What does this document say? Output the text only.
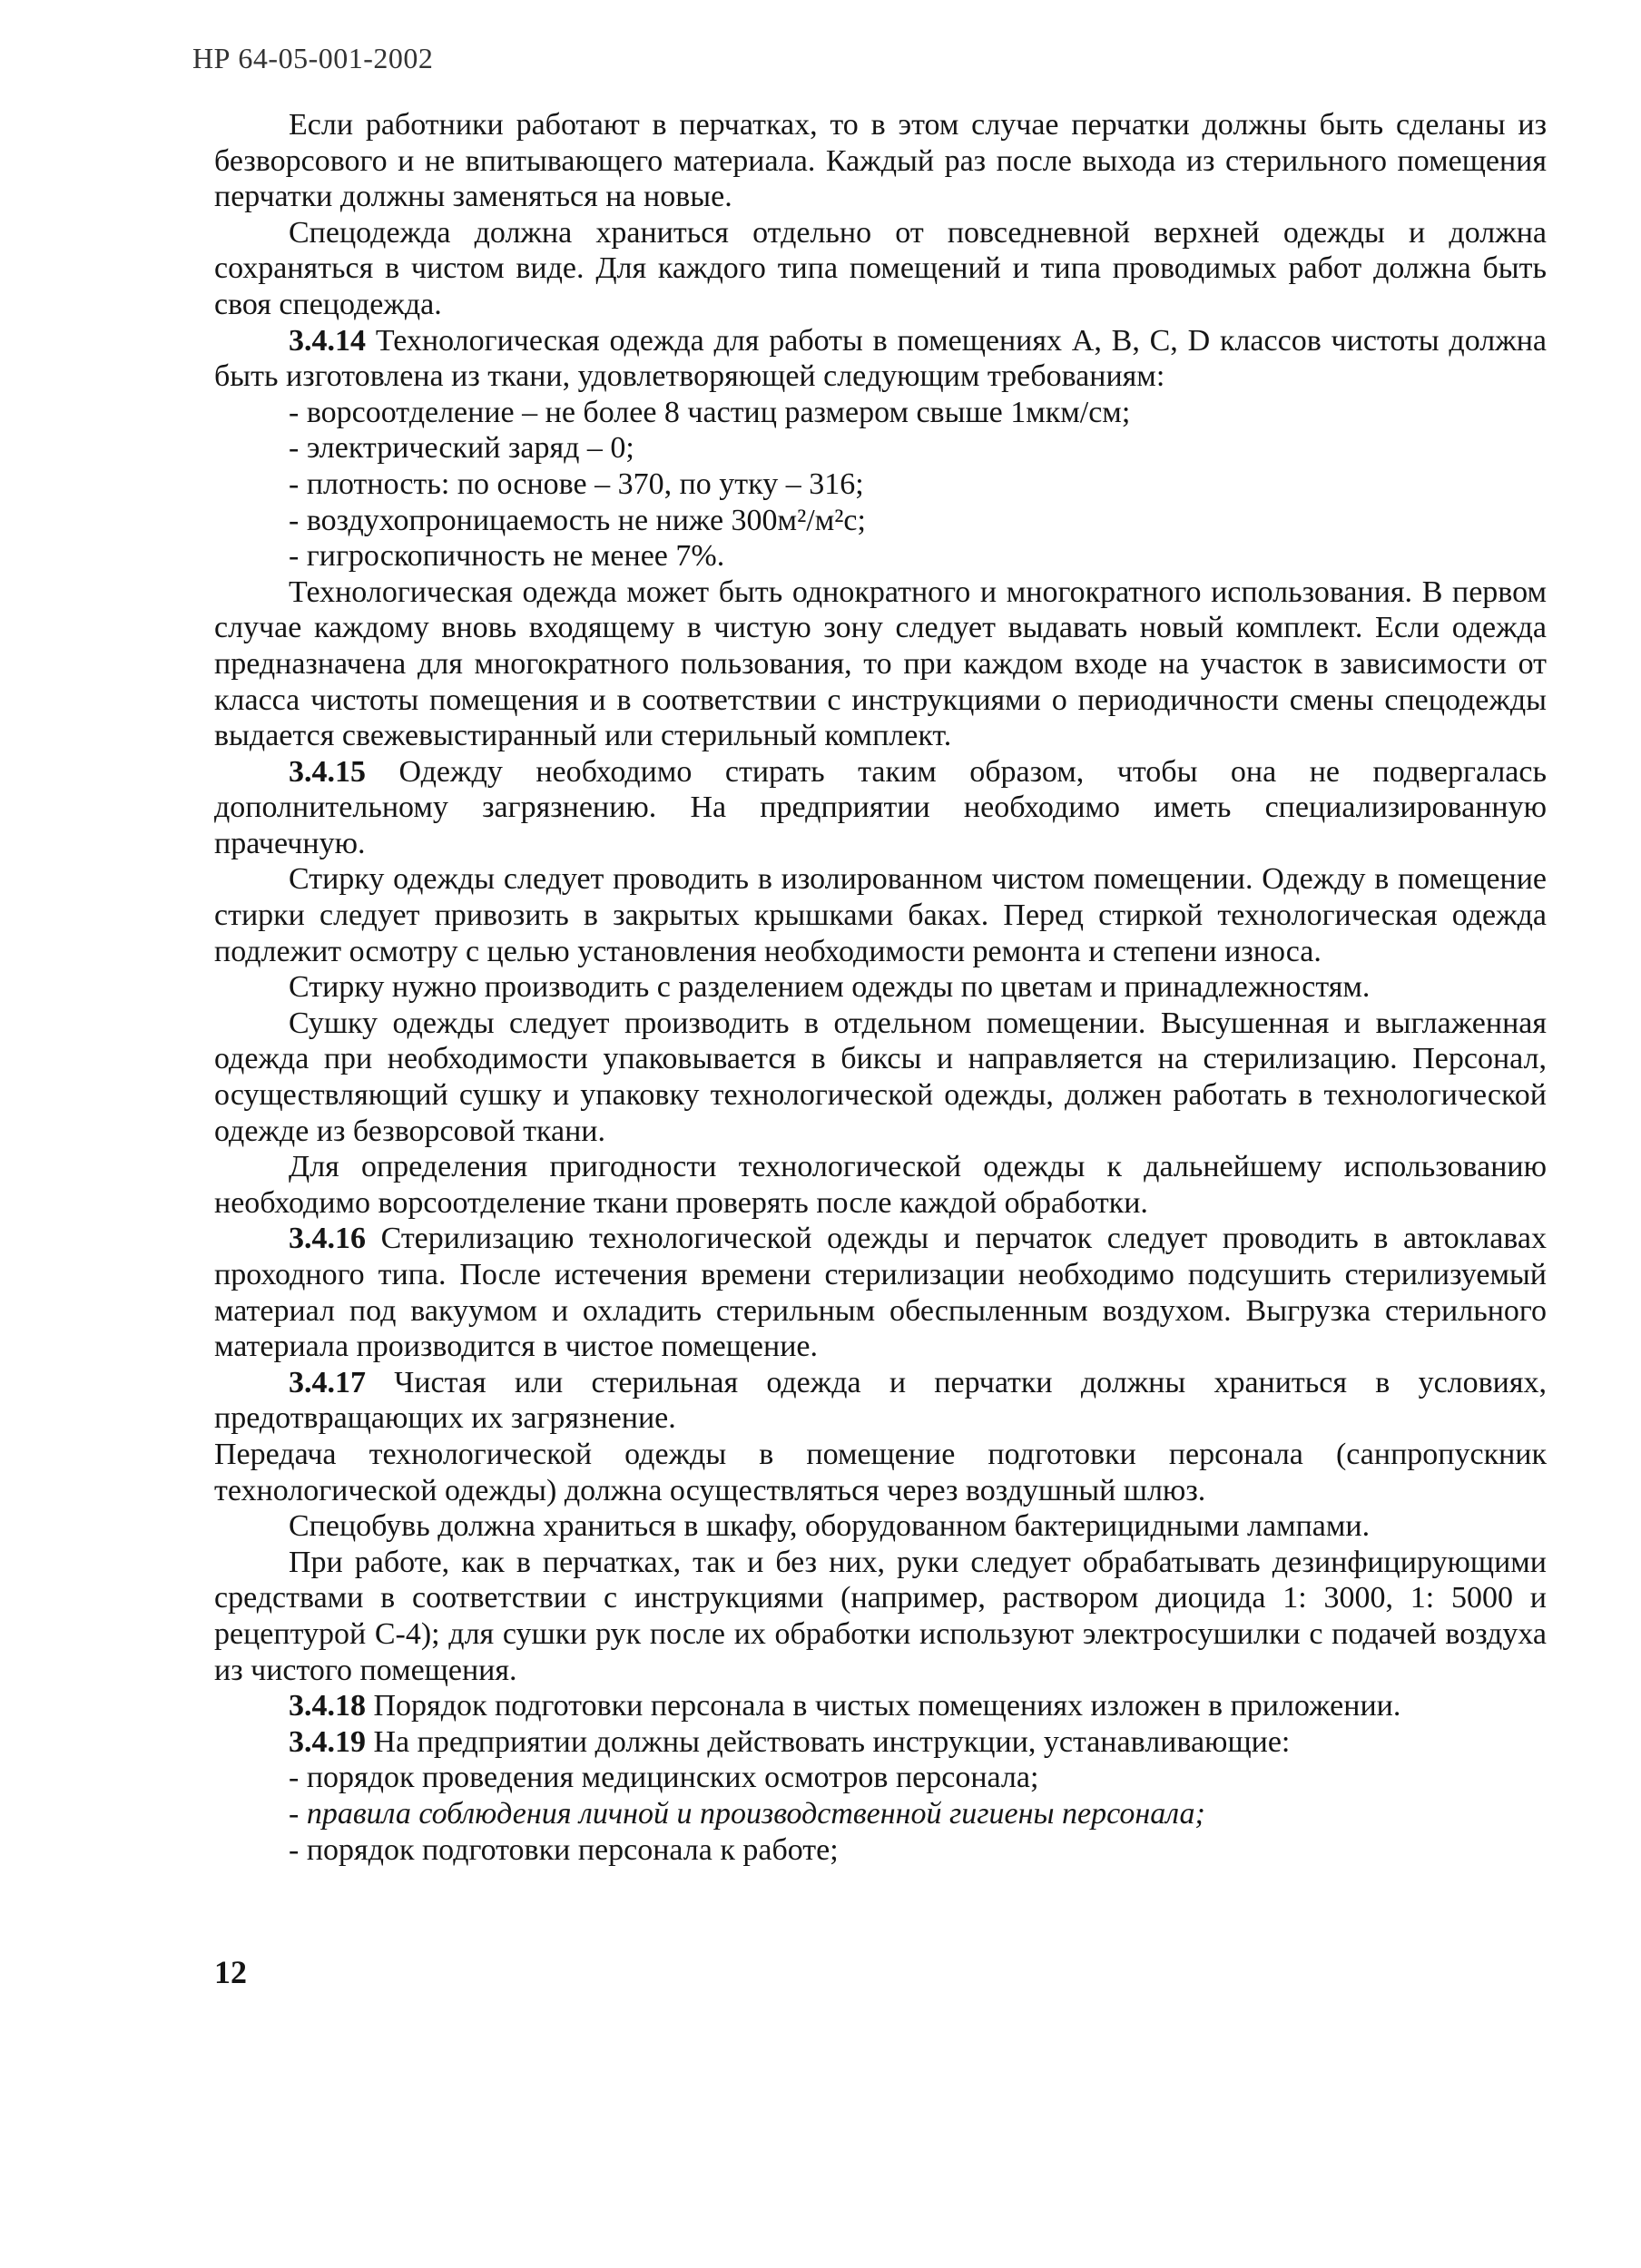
НР 64-05-001-2002

Если работники работают в перчатках, то в этом случае перчатки должны быть сделаны из безворсового и не впитывающего материала. Каждый раз после выхода из стерильного помещения перчатки должны заменяться на новые.

Спецодежда должна храниться отдельно от повседневной верхней одежды и должна сохраняться в чистом виде. Для каждого типа помещений и типа проводимых работ должна быть своя спецодежда.

3.4.14 Технологическая одежда для работы в помещениях A, B, C, D классов чистоты должна быть изготовлена из ткани, удовлетворяющей следующим требованиям:

- ворсоотделение – не более 8 частиц размером свыше 1мкм/см;

- электрический заряд – 0;

- плотность: по основе – 370, по утку – 316;

- воздухопроницаемость не ниже 300м²/м²с;

- гигроскопичность не менее 7%.

Технологическая одежда может быть однократного и многократного использования. В первом случае каждому вновь входящему в чистую зону следует выдавать новый комплект. Если одежда предназначена для многократного пользования, то при каждом входе на участок в зависимости от класса чистоты помещения и в соответствии с инструкциями о периодичности смены спецодежды выдается свежевыстиранный или стерильный комплект.

3.4.15 Одежду необходимо стирать таким образом, чтобы она не подвергалась дополнительному загрязнению. На предприятии необходимо иметь специализированную прачечную.

Стирку одежды следует проводить в изолированном чистом помещении. Одежду в помещение стирки следует привозить в закрытых крышками баках. Перед стиркой технологическая одежда подлежит осмотру с целью установления необходимости ремонта и степени износа.

Стирку нужно производить с разделением одежды по цветам и принадлежностям.

Сушку одежды следует производить в отдельном помещении. Высушенная и выглаженная одежда при необходимости упаковывается в биксы и направляется на стерилизацию. Персонал, осуществляющий сушку и упаковку технологической одежды, должен работать в технологической одежде из безворсовой ткани.

Для определения пригодности технологической одежды к дальнейшему использованию необходимо ворсоотделение ткани проверять после каждой обработки.

3.4.16 Стерилизацию технологической одежды и перчаток следует проводить в автоклавах проходного типа. После истечения времени стерилизации необходимо подсушить стерилизуемый материал под вакуумом и охладить стерильным обеспыленным воздухом. Выгрузка стерильного материала производится в чистое помещение.

3.4.17 Чистая или стерильная одежда и перчатки должны храниться в условиях, предотвращающих их загрязнение.

Передача технологической одежды в помещение подготовки персонала (санпропускник технологической одежды) должна осуществляться через воздушный шлюз.

Спецобувь должна храниться в шкафу, оборудованном бактерицидными лампами.

При работе, как в перчатках, так и без них, руки следует обрабатывать дезинфицирующими средствами в соответствии с инструкциями (например, раствором диоцида 1: 3000, 1: 5000 и рецептурой С-4); для сушки рук после их обработки используют электросушилки с подачей воздуха из чистого помещения.

3.4.18 Порядок подготовки персонала в чистых помещениях изложен в приложении.

3.4.19 На предприятии должны действовать инструкции, устанавливающие:

- порядок проведения медицинских осмотров персонала;

- правила соблюдения личной и производственной гигиены персонала;

- порядок подготовки персонала к работе;

12
